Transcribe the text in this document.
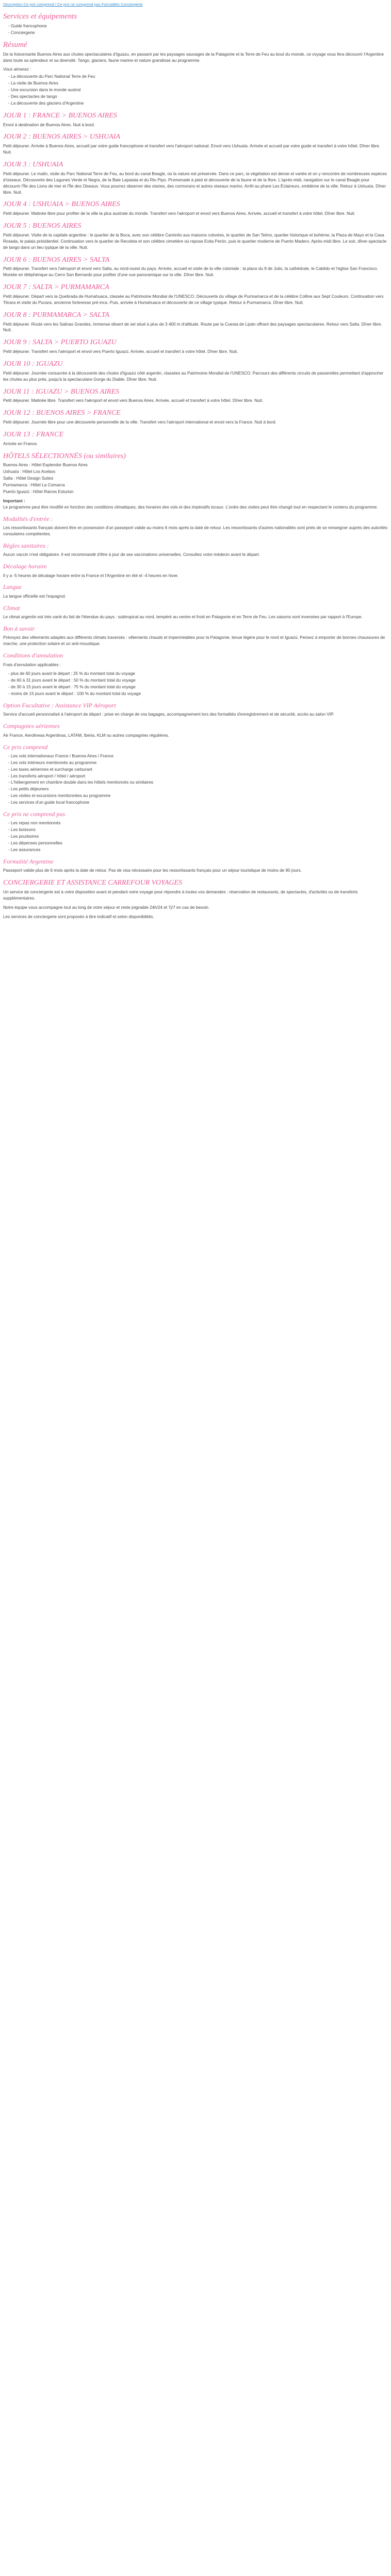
Description Ce prix comprend / Ce prix ne comprend pas Formalités Conciergerie
Services et équipements
- Guide francophone
- Conciergerie
Résumé

De la foisonnante Buenos Aires aux chutes spectaculaires d'Iguazu, en passant par les paysages sauvages de la Patagonie et la Terre de Feu au bout du monde, ce voyage vous fera découvrir l'Argentine dans toute sa splendeur et sa diversité. Tango, glaciers, faune marine et nature grandiose au programme.

Vous aimerez :
- La découverte du Parc National Terre de Feu
- La visite de Buenos Aires
- Une excursion dans le monde austral
- Des spectacles de tango
- La découverte des glaciers d'Argentine
JOUR 1 : FRANCE > BUENOS AIRES

Envol à destination de Buenos Aires. Nuit à bord.

JOUR 2 : BUENOS AIRES > USHUAIA

Petit déjeuner. Arrivée à Buenos Aires, accueil par votre guide francophone et transfert vers l'aéroport national. Envol vers Ushuaïa. Arrivée et accueil par votre guide et transfert à votre hôtel. Dîner libre. Nuit.

JOUR 3 : USHUAIA

Petit déjeuner. Le matin, visite du Parc National Terre de Feu, au bord du canal Beagle, où la nature est préservée. Dans ce parc, la végétation est dense et variée et on y rencontre de nombreuses espèces d'oiseaux. Découverte des Lagunes Verde et Negra, de la Baie Lapataia et du Rio Pipo. Promenade à pied et découverte de la faune et de la flore. L'après-midi, navigation sur le canal Beagle pour découvrir l'Île des Lions de mer et l'Île des Oiseaux. Vous pourrez observer des otaries, des cormorans et autres oiseaux marins. Arrêt au phare Les Éclaireurs, emblème de la ville. Retour à Ushuaïa. Dîner libre. Nuit.

JOUR 4 : USHUAIA > BUENOS AIRES

Petit déjeuner. Matinée libre pour profiter de la ville la plus australe du monde. Transfert vers l'aéroport et envol vers Buenos Aires. Arrivée, accueil et transfert à votre hôtel. Dîner libre. Nuit.

JOUR 5 : BUENOS AIRES

Petit déjeuner. Visite de la capitale argentine : le quartier de la Boca, avec son célèbre Caminito aux maisons colorées, le quartier de San Telmo, quartier historique et bohème, la Plaza de Mayo et la Casa Rosada, le palais présidentiel. Continuation vers le quartier de Recoleta et son célèbre cimetière où repose Evita Perón, puis le quartier moderne de Puerto Madero. Après-midi libre. Le soir, dîner-spectacle de tango dans un lieu typique de la ville. Nuit.

JOUR 6 : BUENOS AIRES > SALTA

Petit déjeuner. Transfert vers l'aéroport et envol vers Salta, au nord-ouest du pays. Arrivée, accueil et visite de la ville coloniale : la place du 9 de Julio, la cathédrale, le Cabildo et l'église San Francisco. Montée en téléphérique au Cerro San Bernardo pour profiter d'une vue panoramique sur la ville. Dîner libre. Nuit.

JOUR 7 : SALTA > PURMAMARCA

Petit déjeuner. Départ vers la Quebrada de Humahuaca, classée au Patrimoine Mondial de l'UNESCO. Découverte du village de Purmamarca et de la célèbre Colline aux Sept Couleurs. Continuation vers Tilcara et visite du Pucara, ancienne forteresse pré-inca. Puis, arrivée à Humahuaca et découverte de ce village typique. Retour à Purmamarca. Dîner libre. Nuit.

JOUR 8 : PURMAMARCA > SALTA

Petit déjeuner. Route vers les Salinas Grandes, immense désert de sel situé à plus de 3 400 m d'altitude. Route par la Cuesta de Lipán offrant des paysages spectaculaires. Retour vers Salta. Dîner libre. Nuit.

JOUR 9 : SALTA > PUERTO IGUAZU

Petit déjeuner. Transfert vers l'aéroport et envol vers Puerto Iguazú. Arrivée, accueil et transfert à votre hôtel. Dîner libre. Nuit.

JOUR 10 : IGUAZU

Petit déjeuner. Journée consacrée à la découverte des chutes d'Iguazú côté argentin, classées au Patrimoine Mondial de l'UNESCO. Parcours des différents circuits de passerelles permettant d'approcher les chutes au plus près, jusqu'à la spectaculaire Gorge du Diable. Dîner libre. Nuit.

JOUR 11 : IGUAZU > BUENOS AIRES

Petit déjeuner. Matinée libre. Transfert vers l'aéroport et envol vers Buenos Aires. Arrivée, accueil et transfert à votre hôtel. Dîner libre. Nuit.

JOUR 12 : BUENOS AIRES > FRANCE

Petit déjeuner. Journée libre pour une découverte personnelle de la ville. Transfert vers l'aéroport international et envol vers la France. Nuit à bord.

JOUR 13 : FRANCE

Arrivée en France.

HÔTELS SÉLECTIONNÉS (ou similaires)
Buenos Aires : Hôtel Esplendor Buenos Aires
Ushuaïa : Hôtel Los Acebos
Salta : Hôtel Design Suites
Purmamarca : Hôtel La Comarca
Puerto Iguazú : Hôtel Raices Esturion
Important :

Le programme peut être modifié en fonction des conditions climatiques, des horaires des vols et des impératifs locaux. L'ordre des visites peut être changé tout en respectant le contenu du programme.

Modalités d'entrée :

Les ressortissants français doivent être en possession d'un passeport valide au moins 6 mois après la date de retour. Les ressortissants d'autres nationalités sont priés de se renseigner auprès des autorités consulaires compétentes.

Règles sanitaires :

Aucun vaccin n'est obligatoire. Il est recommandé d'être à jour de ses vaccinations universelles. Consultez votre médecin avant le départ.

Décalage horaire

Il y a -5 heures de décalage horaire entre la France et l'Argentine en été et -4 heures en hiver.

Langue

La langue officielle est l'espagnol.

Climat

Le climat argentin est très varié du fait de l'étendue du pays : subtropical au nord, tempéré au centre et froid en Patagonie et en Terre de Feu. Les saisons sont inversées par rapport à l'Europe.

Bon à savoir

Prévoyez des vêtements adaptés aux différents climats traversés : vêtements chauds et imperméables pour la Patagonie, tenue légère pour le nord et Iguazú. Pensez à emporter de bonnes chaussures de marche, une protection solaire et un anti-moustique.

Conditions d'annulation

Frais d'annulation applicables :

- plus de 60 jours avant le départ : 25 % du montant total du voyage
- de 60 à 31 jours avant le départ : 50 % du montant total du voyage
- de 30 à 15 jours avant le départ : 75 % du montant total du voyage
- moins de 15 jours avant le départ : 100 % du montant total du voyage
Option Facultative : Assistance VIP Aéroport

Service d'accueil personnalisé à l'aéroport de départ : prise en charge de vos bagages, accompagnement lors des formalités d'enregistrement et de sécurité, accès au salon VIP.

Compagnies aériennes

Air France, Aerolineas Argentinas, LATAM, Iberia, KLM ou autres compagnies régulières.

Ce prix comprend
- Les vols internationaux France / Buenos Aires / France
- Les vols intérieurs mentionnés au programme
- Les taxes aériennes et surcharge carburant
- Les transferts aéroport / hôtel / aéroport
- L'hébergement en chambre double dans les hôtels mentionnés ou similaires
- Les petits déjeuners
- Les visites et excursions mentionnées au programme
- Les services d'un guide local francophone
Ce prix ne comprend pas
- Les repas non mentionnés
- Les boissons
- Les pourboires
- Les dépenses personnelles
- Les assurances
Formalité Argentine

Passeport valide plus de 6 mois après la date de retour. Pas de visa nécessaire pour les ressortissants français pour un séjour touristique de moins de 90 jours.

CONCIERGERIE ET ASSISTANCE CARREFOUR VOYAGES

Un service de conciergerie est à votre disposition avant et pendant votre voyage pour répondre à toutes vos demandes : réservation de restaurants, de spectacles, d'activités ou de transferts supplémentaires.

Notre équipe vous accompagne tout au long de votre séjour et reste joignable 24h/24 et 7j/7 en cas de besoin.

Les services de conciergerie sont proposés à titre indicatif et selon disponibilités.
